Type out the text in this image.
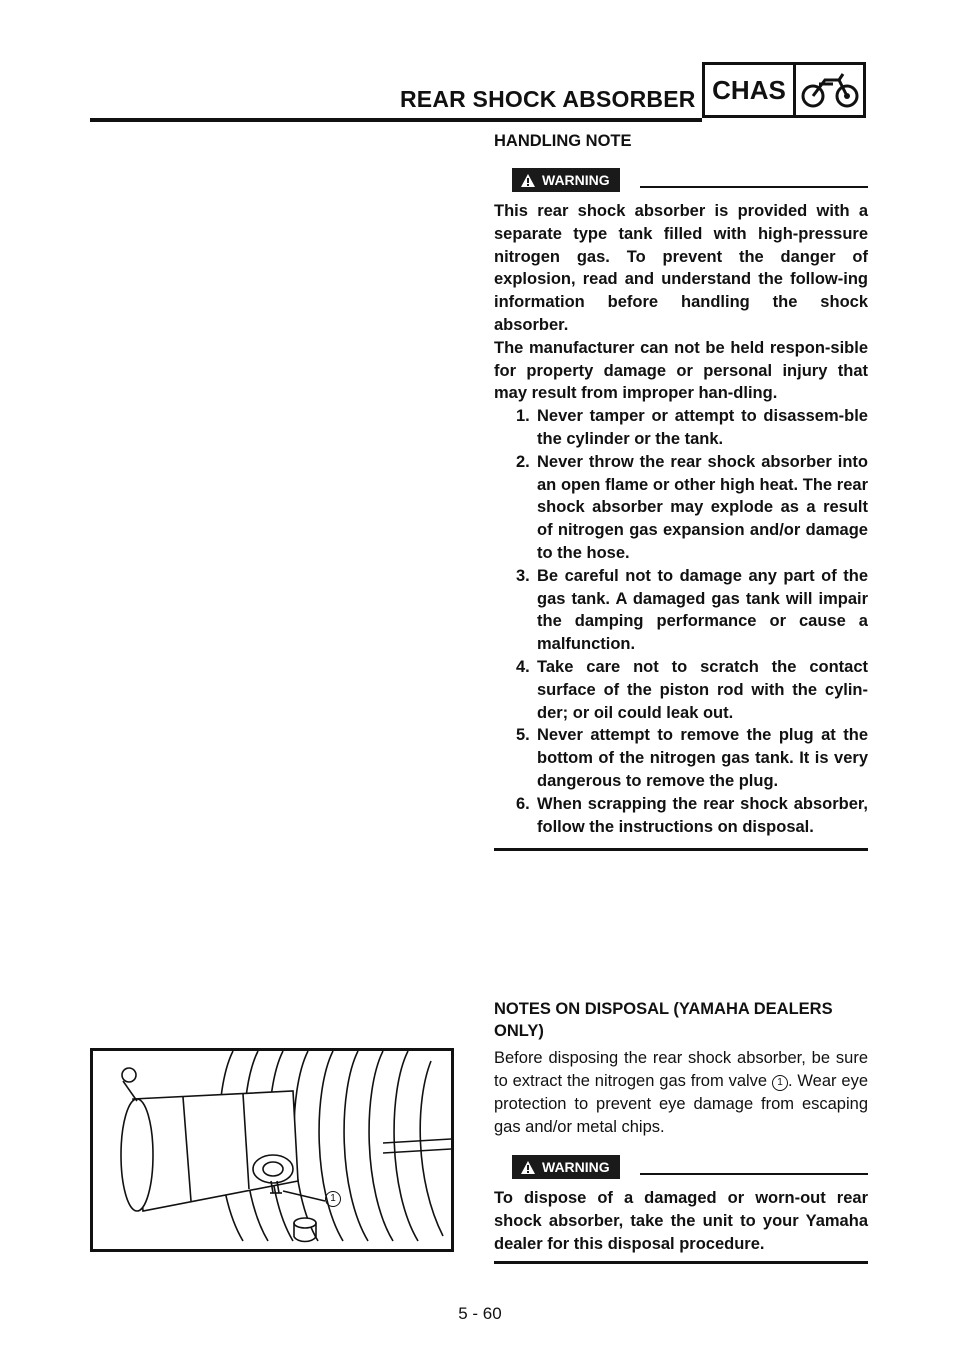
REAR SHOCK ABSORBER CHAS
HANDLING NOTE
WARNING

This rear shock absorber is provided with a separate type tank filled with high-pressure nitrogen gas. To prevent the danger of explosion, read and understand the follow-ing information before handling the shock absorber.

The manufacturer can not be held respon-sible for property damage or personal injury that may result from improper han-dling.

1. Never tamper or attempt to disassem-ble the cylinder or the tank.
2. Never throw the rear shock absorber into an open flame or other high heat. The rear shock absorber may explode as a result of nitrogen gas expansion and/or damage to the hose.
3. Be careful not to damage any part of the gas tank. A damaged gas tank will impair the damping performance or cause a malfunction.
4. Take care not to scratch the contact surface of the piston rod with the cylin-der; or oil could leak out.
5. Never attempt to remove the plug at the bottom of the nitrogen gas tank. It is very dangerous to remove the plug.
6. When scrapping the rear shock absorber, follow the instructions on disposal.
NOTES ON DISPOSAL (YAMAHA DEALERS ONLY)

Before disposing the rear shock absorber, be sure to extract the nitrogen gas from valve 1 . Wear eye protection to prevent eye damage from escaping gas and/or metal chips.

WARNING

To dispose of a damaged or worn-out rear shock absorber, take the unit to your Yamaha dealer for this disposal procedure.

1
5 - 60
